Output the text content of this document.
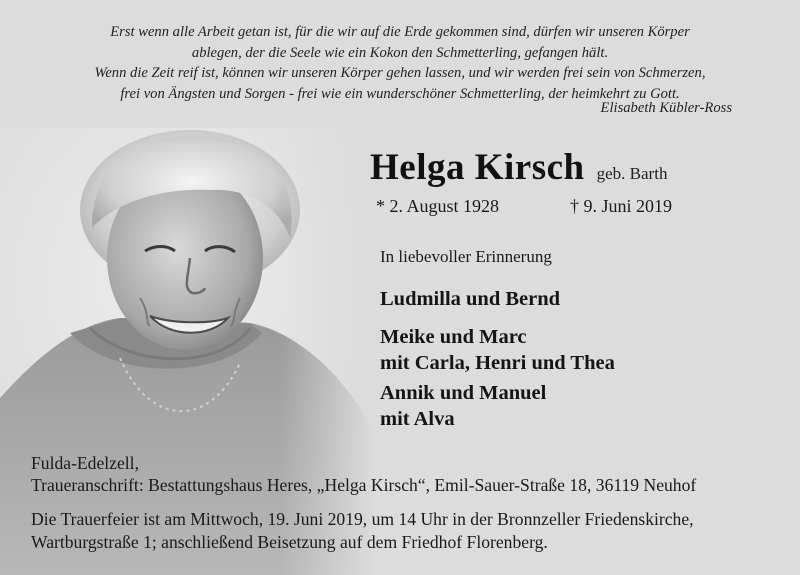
Erst wenn alle Arbeit getan ist, für die wir auf die Erde gekommen sind, dürfen wir unseren Körper
ablegen, der die Seele wie ein Kokon den Schmetterling, gefangen hält.
Wenn die Zeit reif ist, können wir unseren Körper gehen lassen, und wir werden frei sein von Schmerzen,
frei von Ängsten und Sorgen - frei wie ein wunderschöner Schmetterling, der heimkehrt zu Gott.
Elisabeth Kübler-Ross
Helga Kirsch geb. Barth
* 2. August 1928	† 9. Juni 2019
In liebevoller Erinnerung
Ludmilla und Bernd
Meike und Marc
mit Carla, Henri und Thea
Annik und Manuel
mit Alva
Fulda-Edelzell,
Traueranschrift: Bestattungshaus Heres, „Helga Kirsch“, Emil-Sauer-Straße 18, 36119 Neuhof
Die Trauerfeier ist am Mittwoch, 19. Juni 2019, um 14 Uhr in der Bronnzeller Friedenskirche,
Wartburgstraße 1; anschließend Beisetzung auf dem Friedhof Florenberg.
